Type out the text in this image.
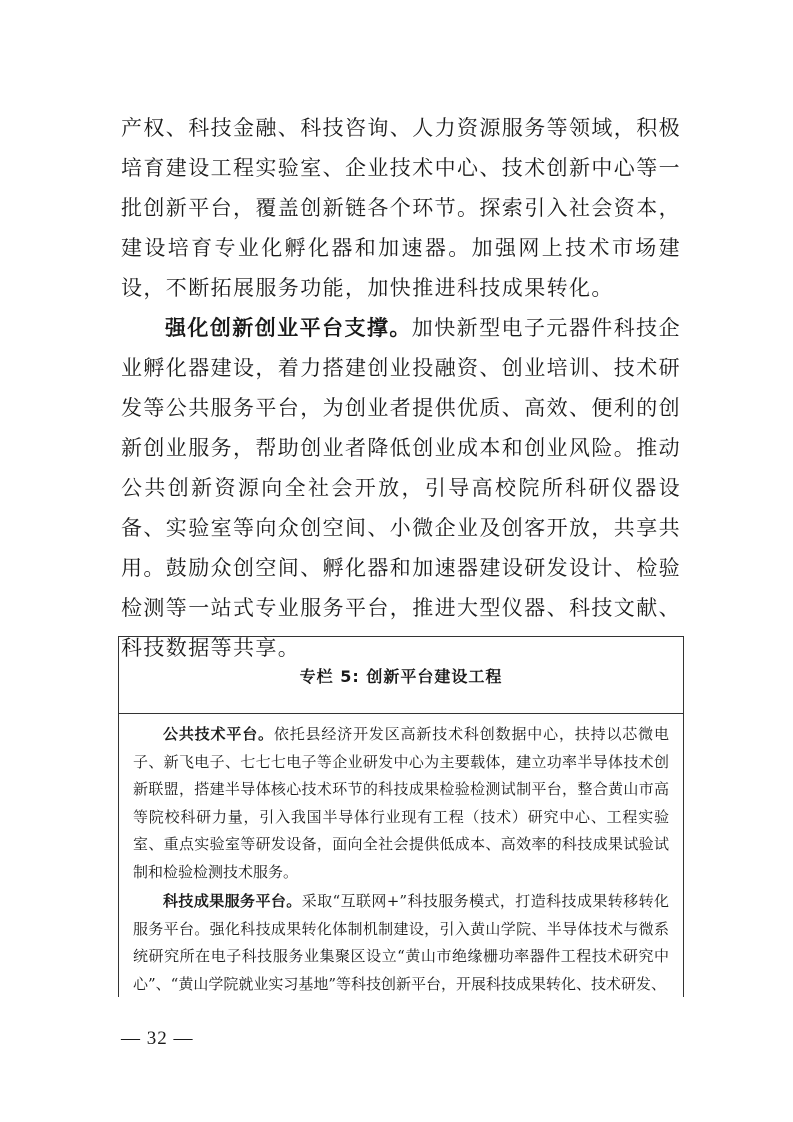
产权、科技金融、科技咨询、人力资源服务等领域，积极培育建设工程实验室、企业技术中心、技术创新中心等一批创新平台，覆盖创新链各个环节。探索引入社会资本，建设培育专业化孵化器和加速器。加强网上技术市场建设，不断拓展服务功能，加快推进科技成果转化。

强化创新创业平台支撑。加快新型电子元器件科技企业孵化器建设，着力搭建创业投融资、创业培训、技术研发等公共服务平台，为创业者提供优质、高效、便利的创新创业服务，帮助创业者降低创业成本和创业风险。推动公共创新资源向全社会开放，引导高校院所科研仪器设备、实验室等向众创空间、小微企业及创客开放，共享共用。鼓励众创空间、孵化器和加速器建设研发设计、检验检测等一站式专业服务平台，推进大型仪器、科技文献、科技数据等共享。

专栏 5: 创新平台建设工程

公共技术平台。依托县经济开发区高新技术科创数据中心，扶持以芯微电子、新飞电子、七七七电子等企业研发中心为主要载体，建立功率半导体技术创新联盟，搭建半导体核心技术环节的科技成果检验检测试制平台，整合黄山市高等院校科研力量，引入我国半导体行业现有工程（技术）研究中心、工程实验室、重点实验室等研发设备，面向全社会提供低成本、高效率的科技成果试验试制和检验检测技术服务。

科技成果服务平台。采取“互联网+”科技服务模式，打造科技成果转移转化服务平台。强化科技成果转化体制机制建设，引入黄山学院、半导体技术与微系统研究所在电子科技服务业集聚区设立“黄山市绝缘栅功率器件工程技术研究中心”、“黄山学院就业实习基地”等科技创新平台，开展科技成果转化、技术研发、

— 32 —
